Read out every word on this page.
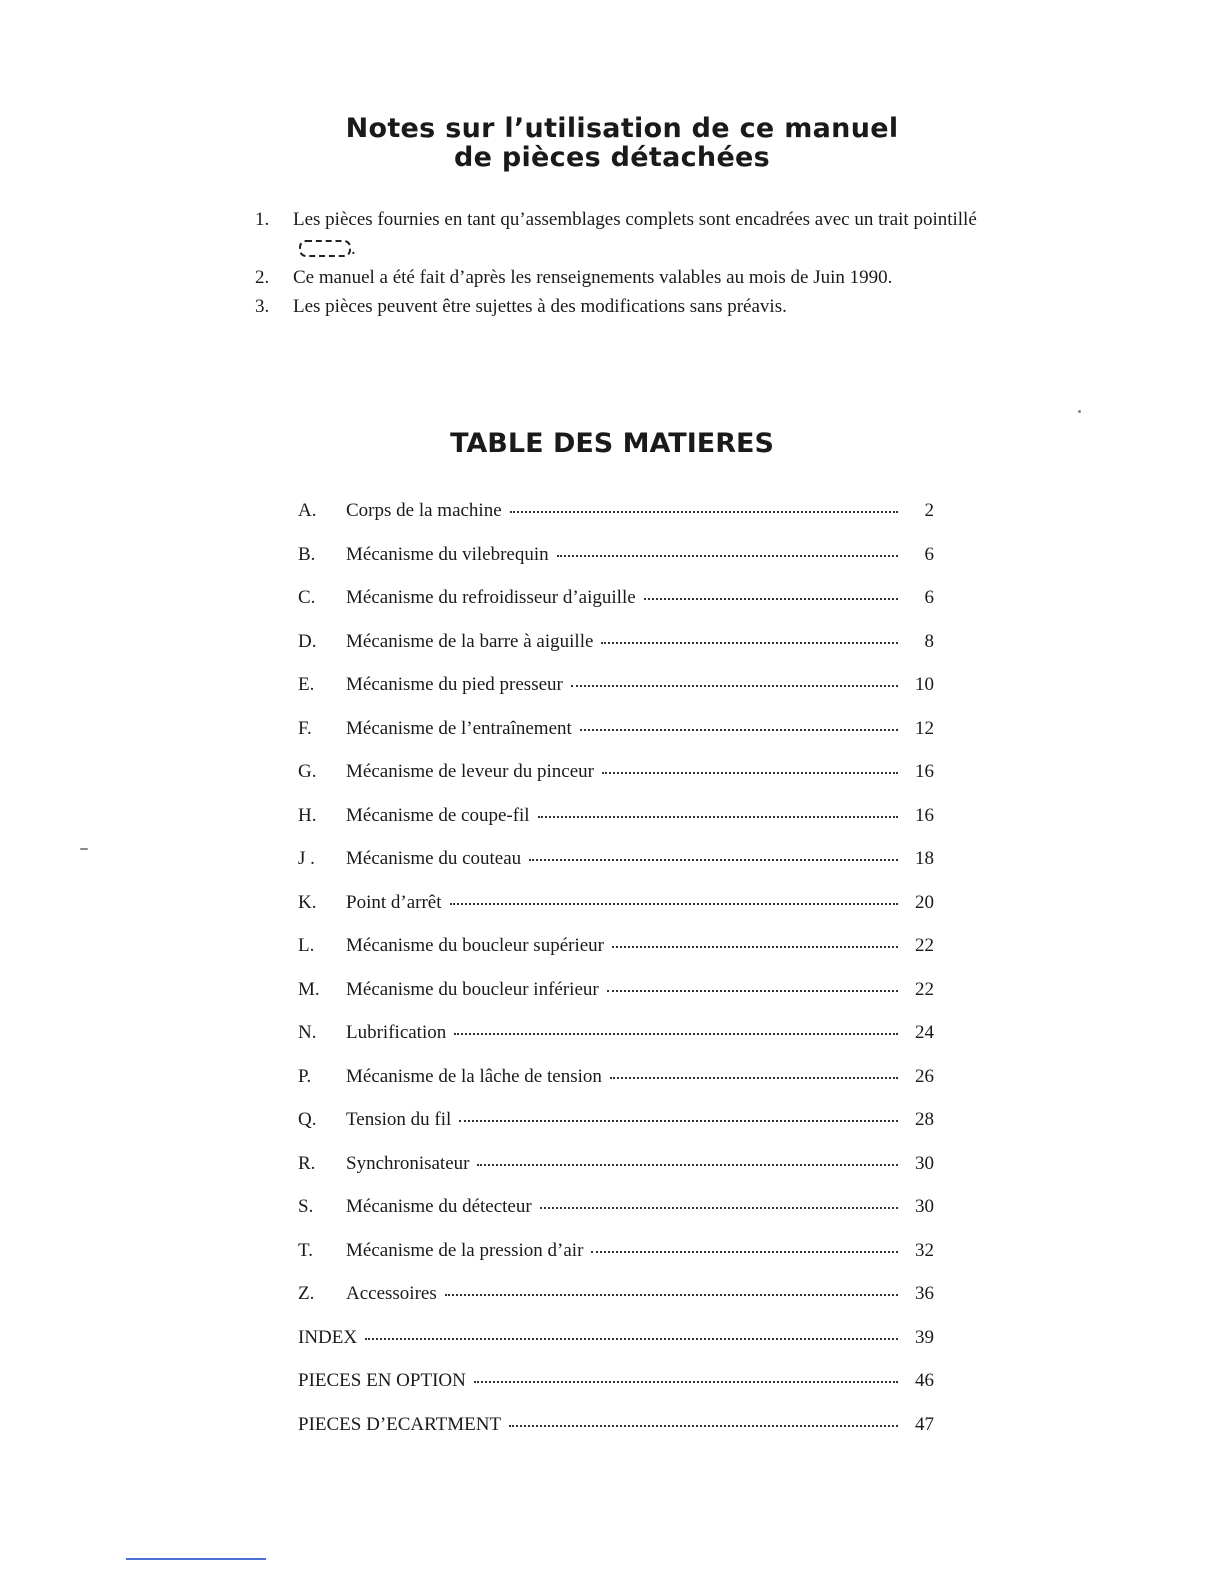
Notes sur l’utilisation de ce manuel
de pièces détachées
1. Les pièces fournies en tant qu’assemblages complets sont encadrées avec un trait pointillé .
2. Ce manuel a été fait d’après les renseignements valables au mois de Juin 1990.
3. Les pièces peuvent être sujettes à des modifications sans préavis.
TABLE DES MATIERES
A.	Corps de la machine	2
B.	Mécanisme du vilebrequin	6
C.	Mécanisme du refroidisseur d’aiguille	6
D.	Mécanisme de la barre à aiguille	8
E.	Mécanisme du pied presseur	10
F.	Mécanisme de l’entraînement	12
G.	Mécanisme de leveur du pinceur	16
H.	Mécanisme de coupe-fil	16
J .	Mécanisme du couteau	18
K.	Point d’arrêt	20
L.	Mécanisme du boucleur supérieur	22
M.	Mécanisme du boucleur inférieur	22
N.	Lubrification	24
P.	Mécanisme de la lâche de tension	26
Q.	Tension du fil	28
R.	Synchronisateur	30
S.	Mécanisme du détecteur	30
T.	Mécanisme de la pression d’air	32
Z.	Accessoires	36
INDEX	39
PIECES EN OPTION	46
PIECES D’ECARTMENT	47
